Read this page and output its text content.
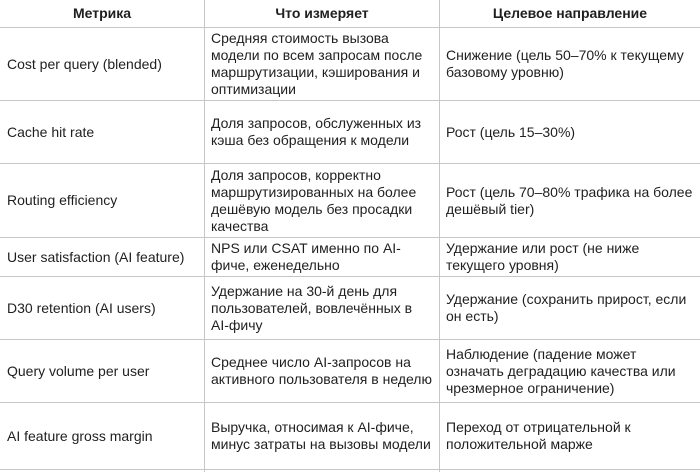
Метрика	Что измеряет	Целевое направление
Cost per query (blended)	Средняя стоимость вызова модели по всем запросам после маршрутизации, кэширования и оптимизации	Снижение (цель 50–70% к текущему базовому уровню)
Cache hit rate	Доля запросов, обслуженных из кэша без обращения к модели	Рост (цель 15–30%)
Routing efficiency	Доля запросов, корректно маршрутизированных на более дешёвую модель без просадки качества	Рост (цель 70–80% трафика на более дешёвый tier)
User satisfaction (AI feature)	NPS или CSAT именно по AI-фиче, еженедельно	Удержание или рост (не ниже текущего уровня)
D30 retention (AI users)	Удержание на 30-й день для пользователей, вовлечённых в AI-фичу	Удержание (сохранить прирост, если он есть)
Query volume per user	Среднее число AI-запросов на активного пользователя в неделю	Наблюдение (падение может означать деградацию качества или чрезмерное ограничение)
AI feature gross margin	Выручка, относимая к AI-фиче, минус затраты на вызовы модели	Переход от отрицательной к положительной марже
